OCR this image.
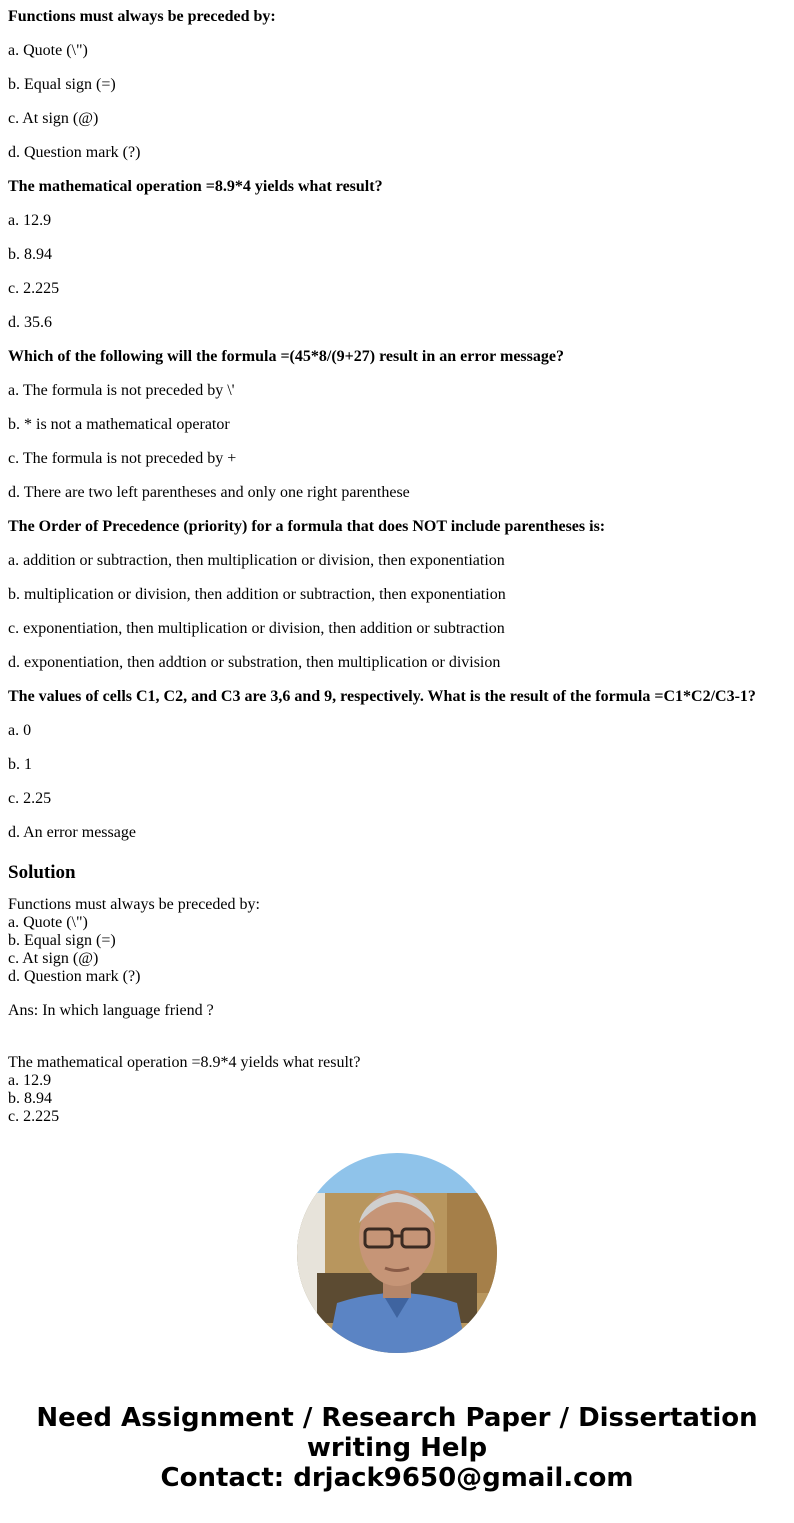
Functions must always be preceded by:

a. Quote (\")

b. Equal sign (=)

c. At sign (@)

d. Question mark (?)

The mathematical operation =8.9*4 yields what result?

a. 12.9

b. 8.94

c. 2.225

d. 35.6

Which of the following will the formula =(45*8/(9+27) result in an error message?

a. The formula is not preceded by \'

b. * is not a mathematical operator

c. The formula is not preceded by +

d. There are two left parentheses and only one right parenthese

The Order of Precedence (priority) for a formula that does NOT include parentheses is:

a. addition or subtraction, then multiplication or division, then exponentiation

b. multiplication or division, then addition or subtraction, then exponentiation

c. exponentiation, then multiplication or division, then addition or subtraction

d. exponentiation, then addtion or substration, then multiplication or division

The values of cells C1, C2, and C3 are 3,6 and 9, respectively. What is the result of the formula =C1*C2/C3-1?

a. 0

b. 1

c. 2.25

d. An error message

Solution
Functions must always be preceded by:
a. Quote (\")
b. Equal sign (=)
c. At sign (@)
d. Question mark (?)
Ans: In which language friend ?
The mathematical operation =8.9*4 yields what result?
a. 12.9
b. 8.94
c. 2.225
Need Assignment / Research Paper / Dissertation
writing Help
Contact: drjack9650@gmail.com
